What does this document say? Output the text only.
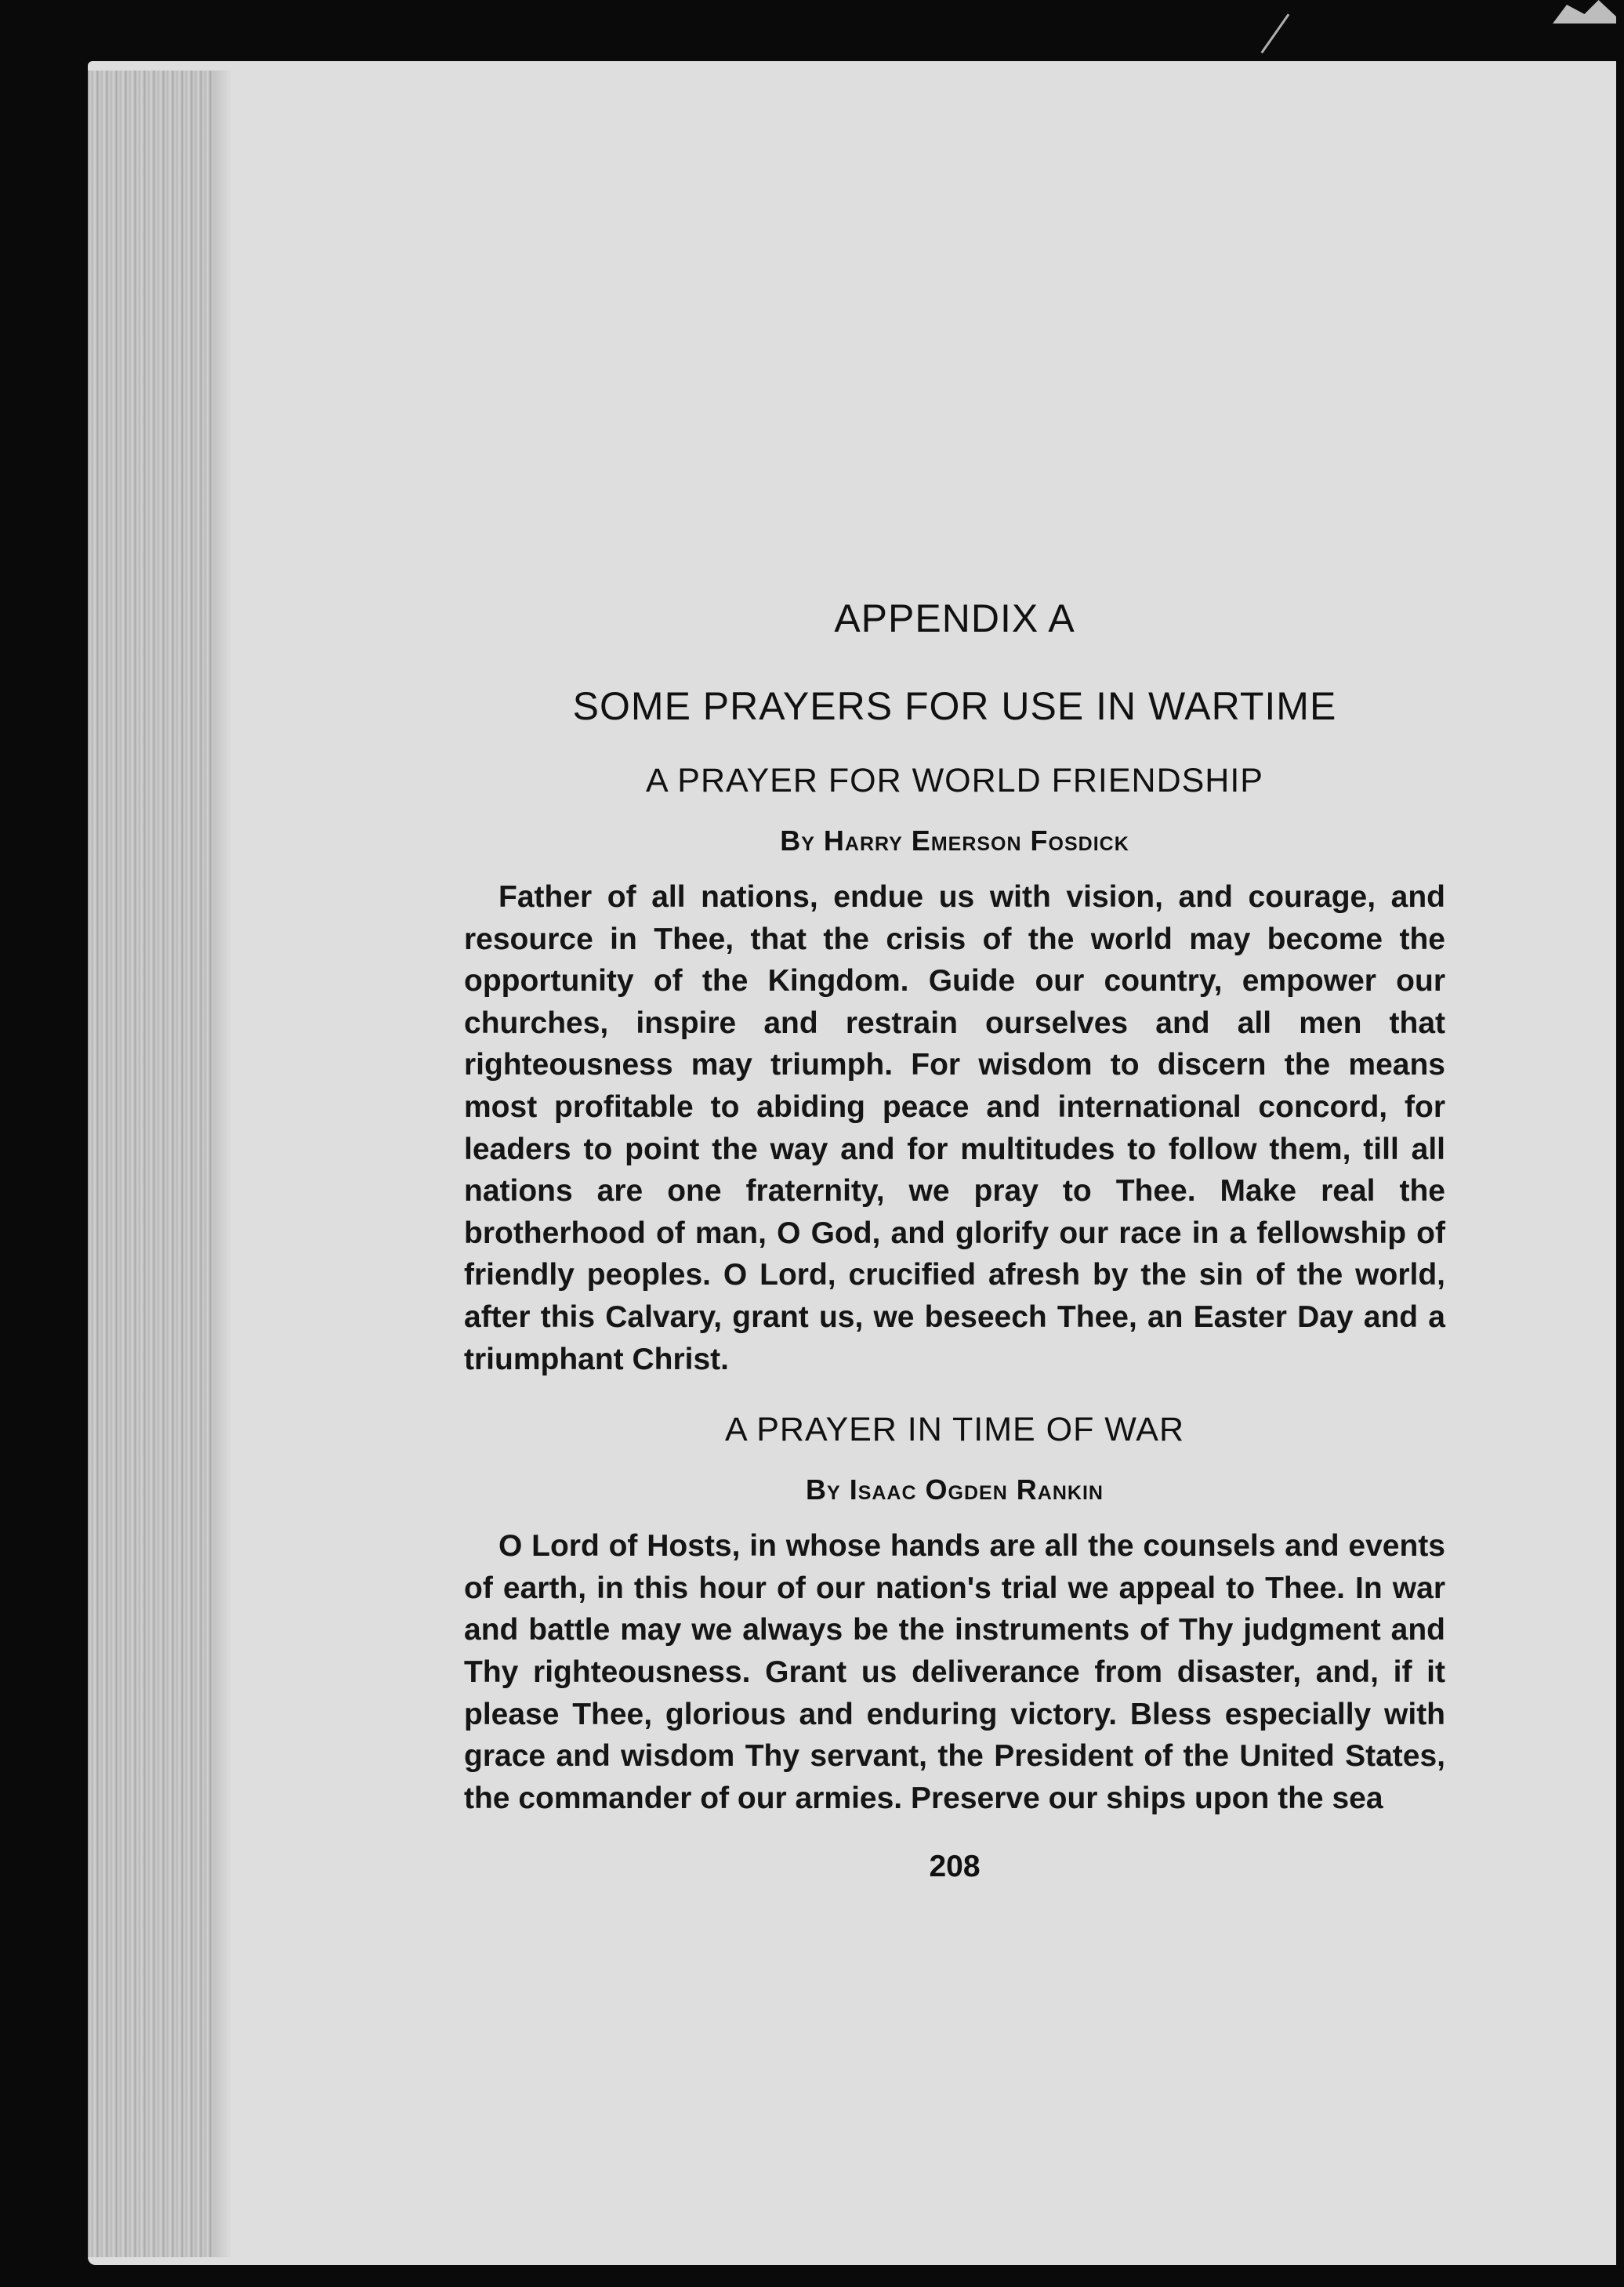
APPENDIX A
SOME PRAYERS FOR USE IN WARTIME
A PRAYER FOR WORLD FRIENDSHIP
By Harry Emerson Fosdick

Father of all nations, endue us with vision, and courage, and resource in Thee, that the crisis of the world may become the opportunity of the Kingdom. Guide our country, empower our churches, inspire and restrain ourselves and all men that righteousness may triumph. For wisdom to discern the means most profitable to abiding peace and international concord, for leaders to point the way and for multitudes to follow them, till all nations are one fraternity, we pray to Thee. Make real the brotherhood of man, O God, and glorify our race in a fellowship of friendly peoples. O Lord, crucified afresh by the sin of the world, after this Calvary, grant us, we beseech Thee, an Easter Day and a triumphant Christ.

A PRAYER IN TIME OF WAR
By Isaac Ogden Rankin

O Lord of Hosts, in whose hands are all the counsels and events of earth, in this hour of our nation's trial we appeal to Thee. In war and battle may we always be the instruments of Thy judgment and Thy righteousness. Grant us deliverance from disaster, and, if it please Thee, glorious and enduring victory. Bless especially with grace and wisdom Thy servant, the President of the United States, the commander of our armies. Preserve our ships upon the sea

208
